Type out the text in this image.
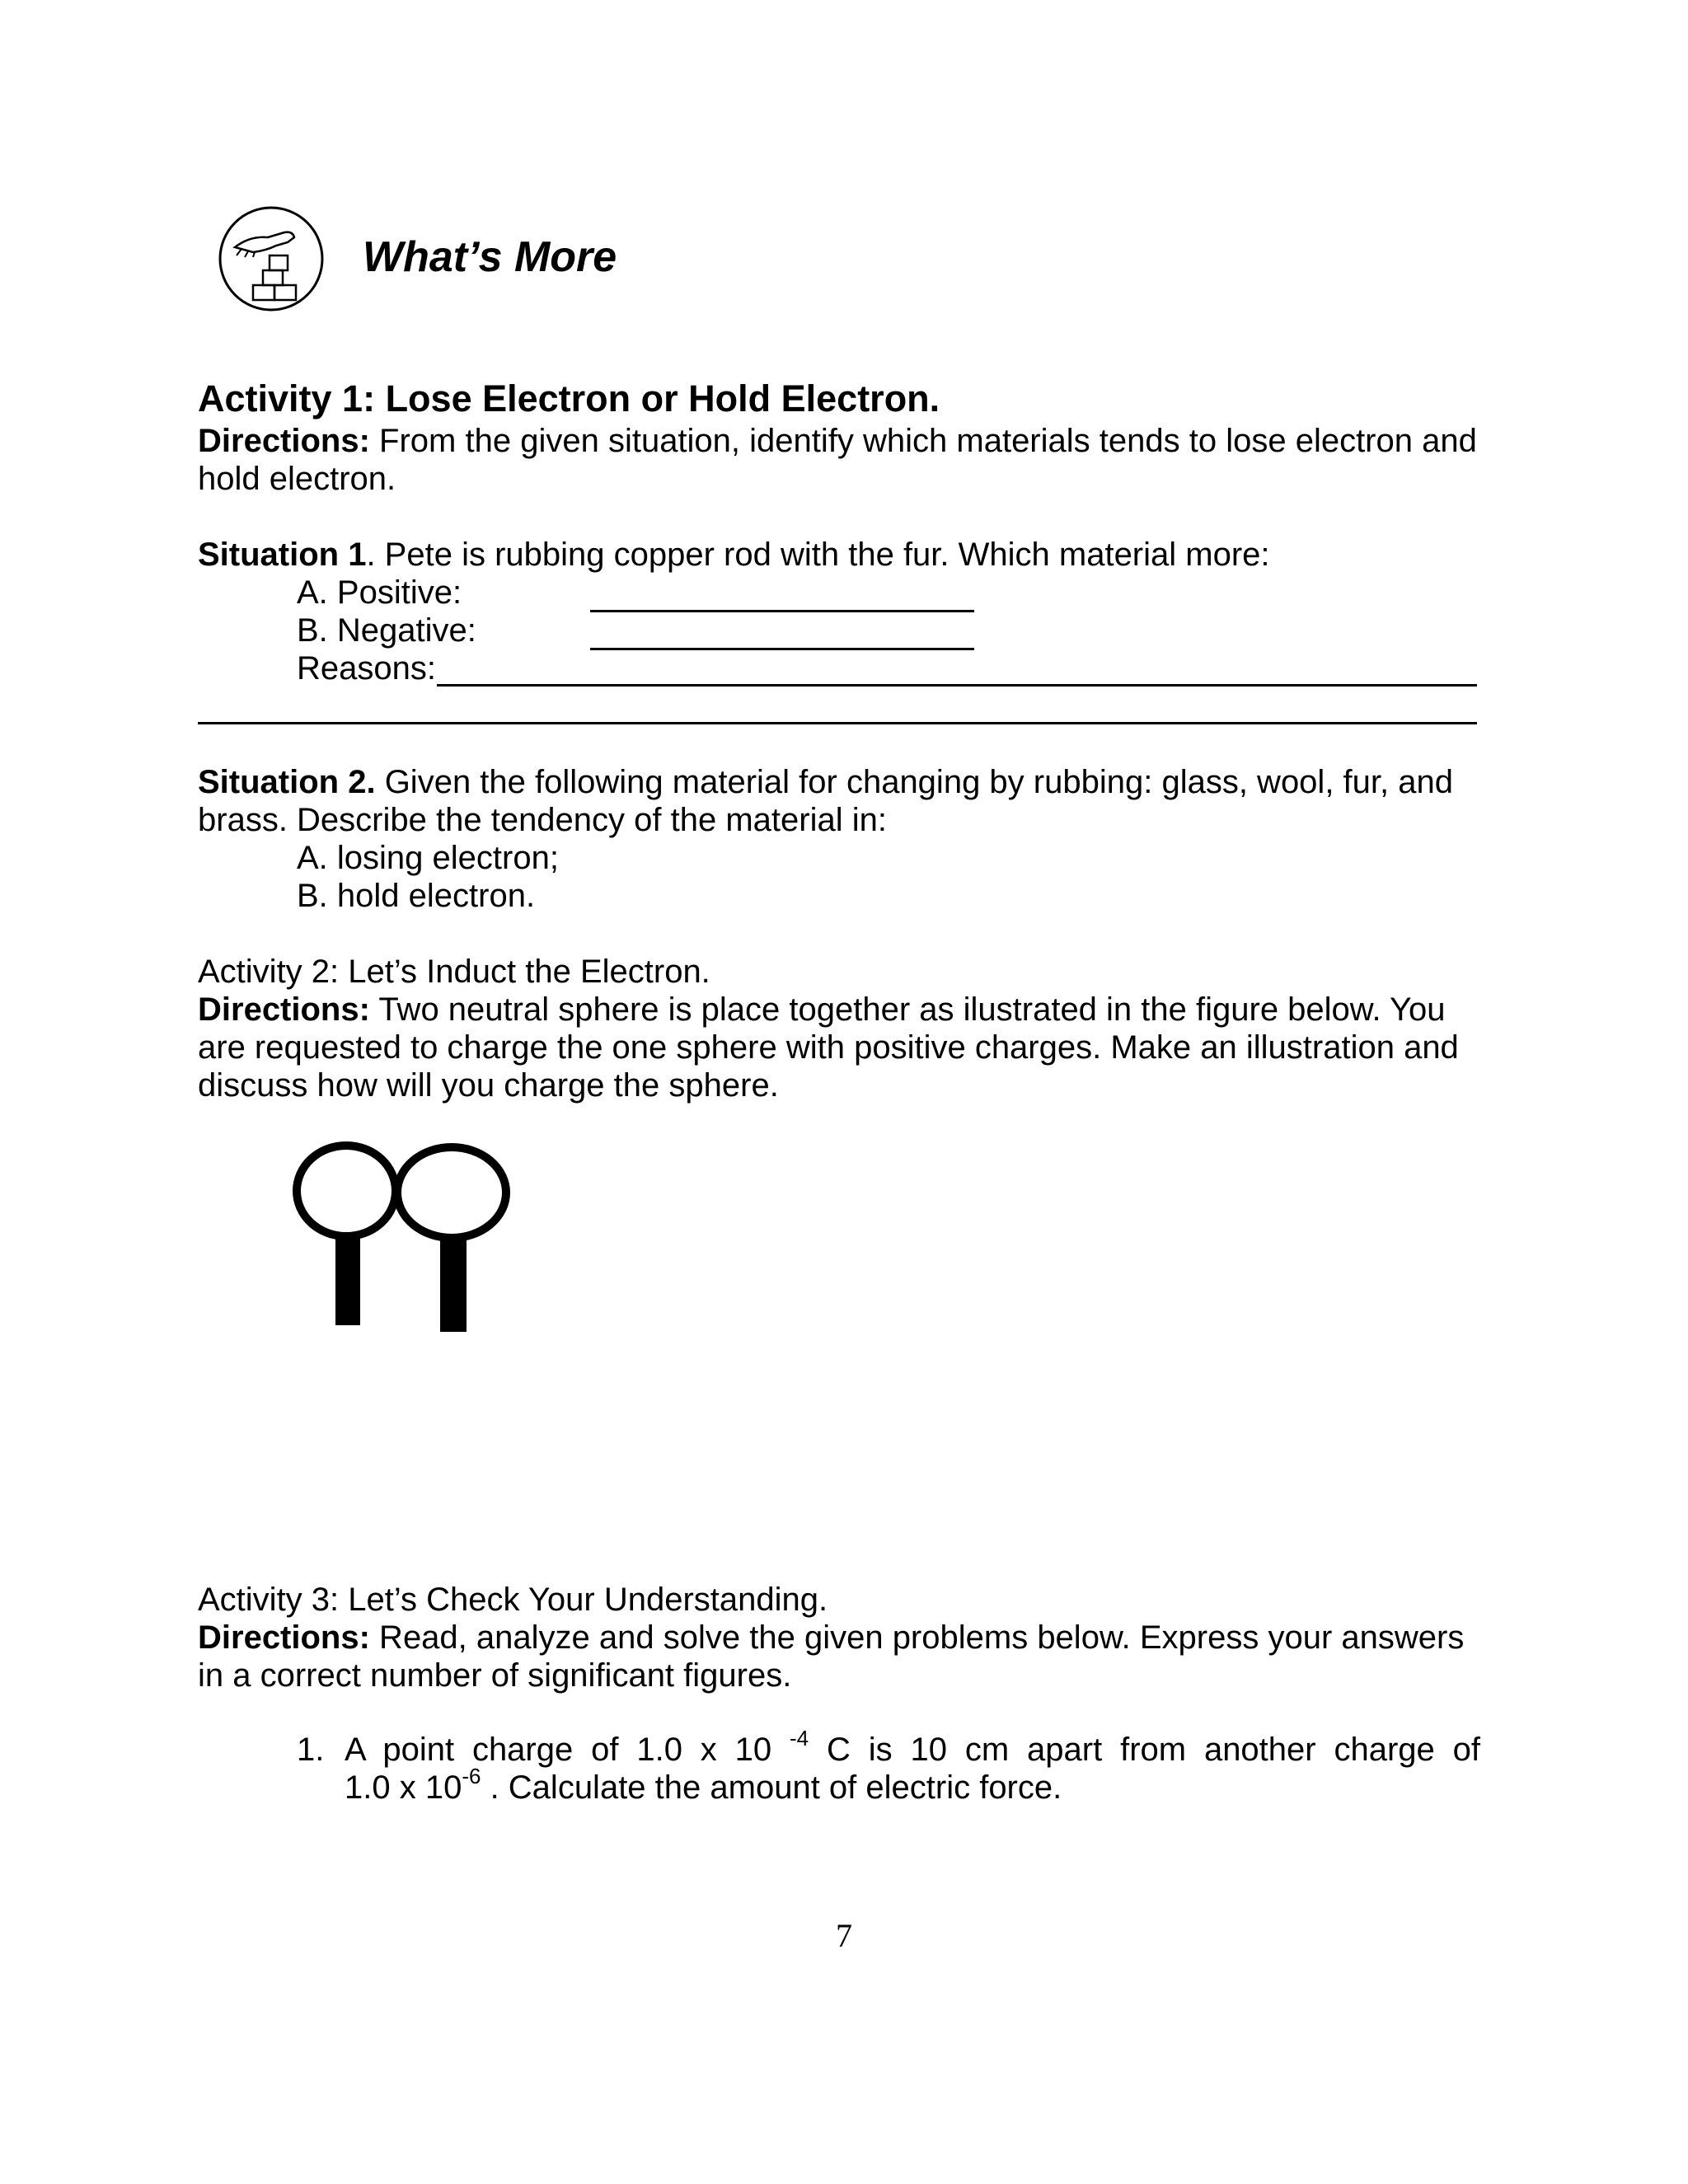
What’s More
Activity 1: Lose Electron or Hold Electron.
Directions: From the given situation, identify which materials tends to lose electron and
hold electron.
Situation 1. Pete is rubbing copper rod with the fur. Which material more:
A. Positive:
B. Negative:
Reasons:
Situation 2. Given the following material for changing by rubbing: glass, wool, fur, and
brass. Describe the tendency of the material in:
A. losing electron;
B. hold electron.
Activity 2: Let’s Induct the Electron.
Directions: Two neutral sphere is place together as ilustrated in the figure below. You
are requested to charge the one sphere with positive charges. Make an illustration and
discuss how will you charge the sphere.
Activity 3: Let’s Check Your Understanding.
Directions: Read, analyze and solve the given problems below. Express your answers
in a correct number of significant figures.
1. A point charge of 1.0 x 10 $^{-4}$ C is 10 cm apart from another charge of
1.0 x $10^{-6}$ . Calculate the amount of electric force.
7
